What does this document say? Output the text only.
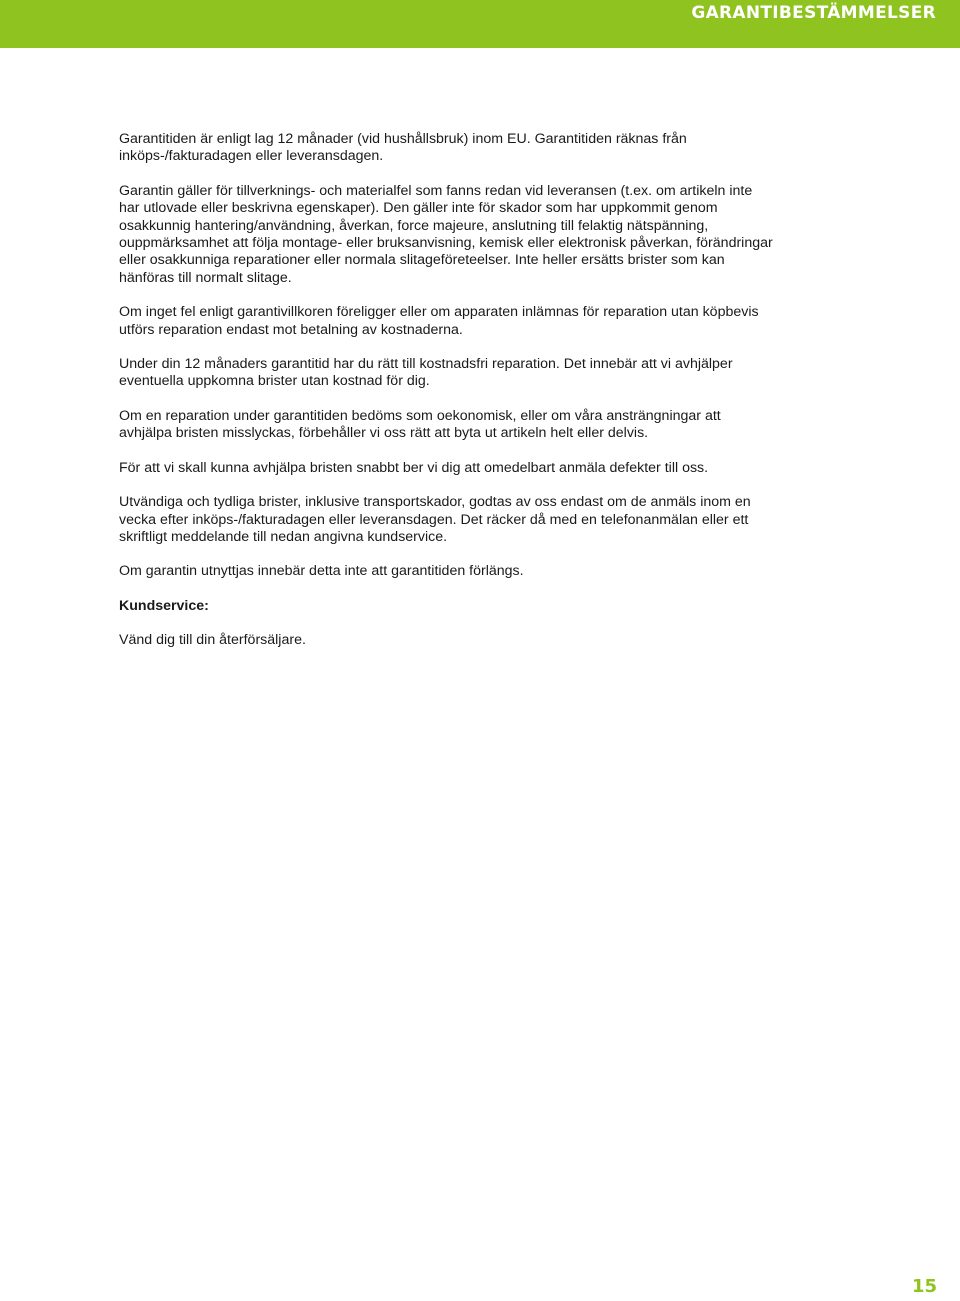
GARANTIBESTÄMMELSER

Garantitiden är enligt lag 12 månader (vid hushållsbruk) inom EU. Garantitiden räknas från inköps-/fakturadagen eller leveransdagen.

Garantin gäller för tillverknings- och materialfel som fanns redan vid leveransen (t.ex. om artikeln inte har utlovade eller beskrivna egenskaper). Den gäller inte för skador som har uppkommit genom osakkunnig hantering/användning, åverkan, force majeure, anslutning till felaktig nätspänning, ouppmärksamhet att följa montage- eller bruksanvisning, kemisk eller elektronisk påverkan, förändringar eller osakkunniga reparationer eller normala slitageföreteelser. Inte heller ersätts brister som kan hänföras till normalt slitage.

Om inget fel enligt garantivillkoren föreligger eller om apparaten inlämnas för reparation utan köpbevis utförs reparation endast mot betalning av kostnaderna.

Under din 12 månaders garantitid har du rätt till kostnadsfri reparation. Det innebär att vi avhjälper eventuella uppkomna brister utan kostnad för dig.

Om en reparation under garantitiden bedöms som oekonomisk, eller om våra ansträngningar att avhjälpa bristen misslyckas, förbehåller vi oss rätt att byta ut artikeln helt eller delvis.

För att vi skall kunna avhjälpa bristen snabbt ber vi dig att omedelbart anmäla defekter till oss.

Utvändiga och tydliga brister, inklusive transportskador, godtas av oss endast om de anmäls inom en vecka efter inköps-/fakturadagen eller leveransdagen. Det räcker då med en telefonanmälan eller ett skriftligt meddelande till nedan angivna kundservice.

Om garantin utnyttjas innebär detta inte att garantitiden förlängs.

Kundservice:

Vänd dig till din återförsäljare.

15
